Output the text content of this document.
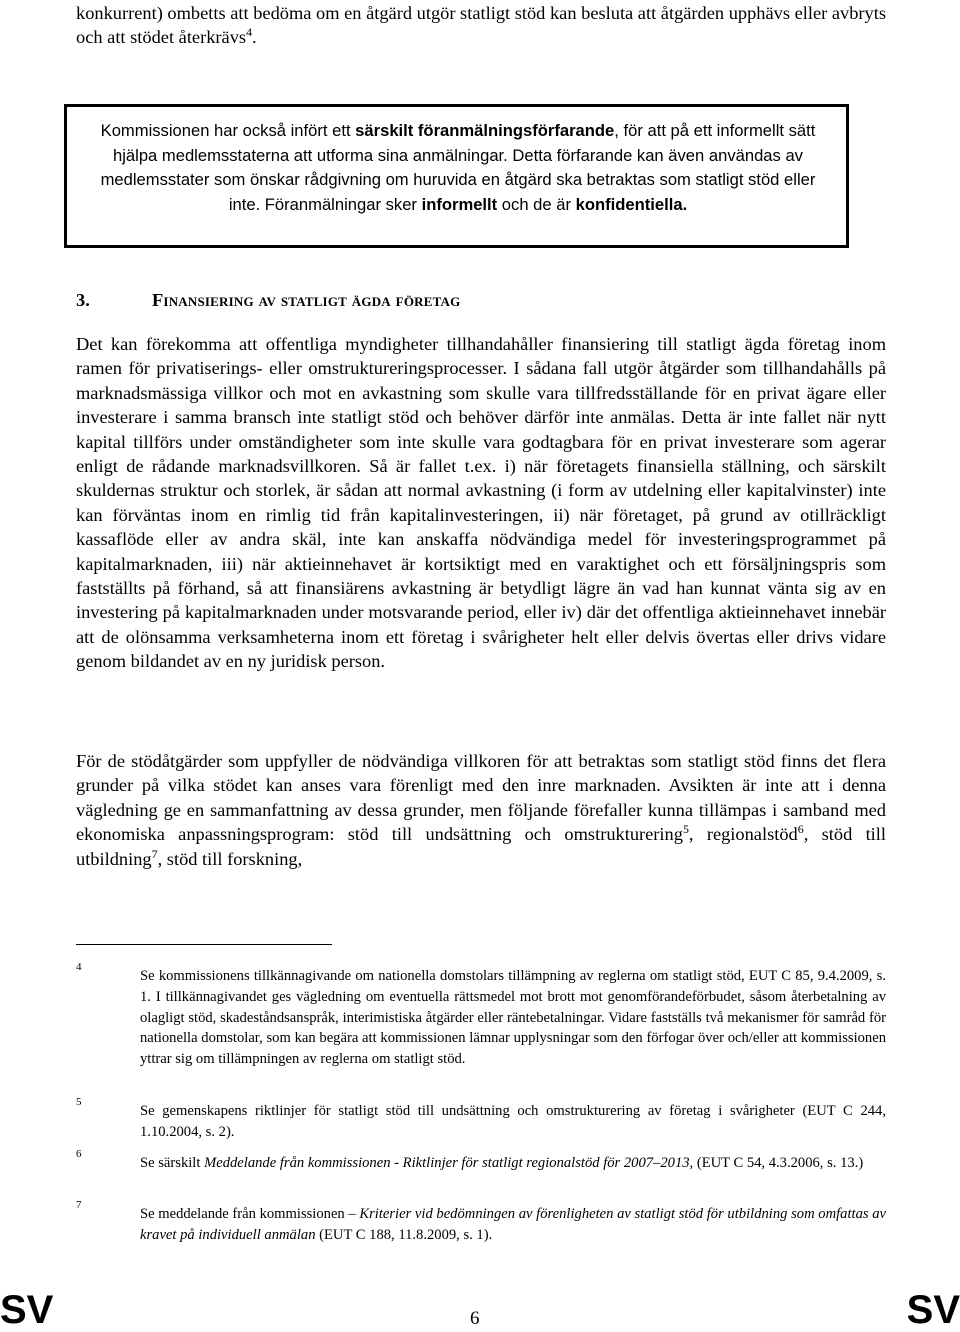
konkurrent) ombetts att bedöma om en åtgärd utgör statligt stöd kan besluta att åtgärden upphävs eller avbryts och att stödet återkrävs$^4$.

Kommissionen har också infört ett särskilt föranmälningsförfarande, för att på ett informellt sätt hjälpa medlemsstaterna att utforma sina anmälningar. Detta förfarande kan även användas av medlemsstater som önskar rådgivning om huruvida en åtgärd ska betraktas som statligt stöd eller inte. Föranmälningar sker informellt och de är konfidentiella.

3.	Finansiering av statligt ägda företag

Det kan förekomma att offentliga myndigheter tillhandahåller finansiering till statligt ägda företag inom ramen för privatiserings- eller omstruktureringsprocesser. I sådana fall utgör åtgärder som tillhandahålls på marknadsmässiga villkor och mot en avkastning som skulle vara tillfredsställande för en privat ägare eller investerare i samma bransch inte statligt stöd och behöver därför inte anmälas. Detta är inte fallet när nytt kapital tillförs under omständigheter som inte skulle vara godtagbara för en privat investerare som agerar enligt de rådande marknadsvillkoren. Så är fallet t.ex. i) när företagets finansiella ställning, och särskilt skuldernas struktur och storlek, är sådan att normal avkastning (i form av utdelning eller kapitalvinster) inte kan förväntas inom en rimlig tid från kapitalinvesteringen, ii) när företaget, på grund av otillräckligt kassaflöde eller av andra skäl, inte kan anskaffa nödvändiga medel för investeringsprogrammet på kapitalmarknaden, iii) när aktieinnehavet är kortsiktigt med en varaktighet och ett försäljningspris som fastställts på förhand, så att finansiärens avkastning är betydligt lägre än vad han kunnat vänta sig av en investering på kapitalmarknaden under motsvarande period, eller iv) där det offentliga aktieinnehavet innebär att de olönsamma verksamheterna inom ett företag i svårigheter helt eller delvis övertas eller drivs vidare genom bildandet av en ny juridisk person.

För de stödåtgärder som uppfyller de nödvändiga villkoren för att betraktas som statligt stöd finns det flera grunder på vilka stödet kan anses vara förenligt med den inre marknaden. Avsikten är inte att i denna vägledning ge en sammanfattning av dessa grunder, men följande förefaller kunna tillämpas i samband med ekonomiska anpassningsprogram: stöd till undsättning och omstrukturering$^5$, regionalstöd$^6$, stöd till utbildning$^7$, stöd till forskning,

4
Se kommissionens tillkännagivande om nationella domstolars tillämpning av reglerna om statligt stöd, EUT C 85, 9.4.2009, s. 1. I tillkännagivandet ges vägledning om eventuella rättsmedel mot brott mot genomförandeförbudet, såsom återbetalning av olagligt stöd, skadeståndsanspråk, interimistiska åtgärder eller räntebetalningar. Vidare fastställs två mekanismer för samråd för nationella domstolar, som kan begära att kommissionen lämnar upplysningar som den förfogar över och/eller att kommissionen yttrar sig om tillämpningen av reglerna om statligt stöd.
5
Se gemenskapens riktlinjer för statligt stöd till undsättning och omstrukturering av företag i svårigheter (EUT C 244, 1.10.2004, s. 2).
6
Se särskilt Meddelande från kommissionen - Riktlinjer för statligt regionalstöd för 2007–2013, (EUT C 54, 4.3.2006, s. 13.)
7
Se meddelande från kommissionen – Kriterier vid bedömningen av förenligheten av statligt stöd för utbildning som omfattas av kravet på individuell anmälan (EUT C 188, 11.8.2009, s. 1).
SV	6	SV
